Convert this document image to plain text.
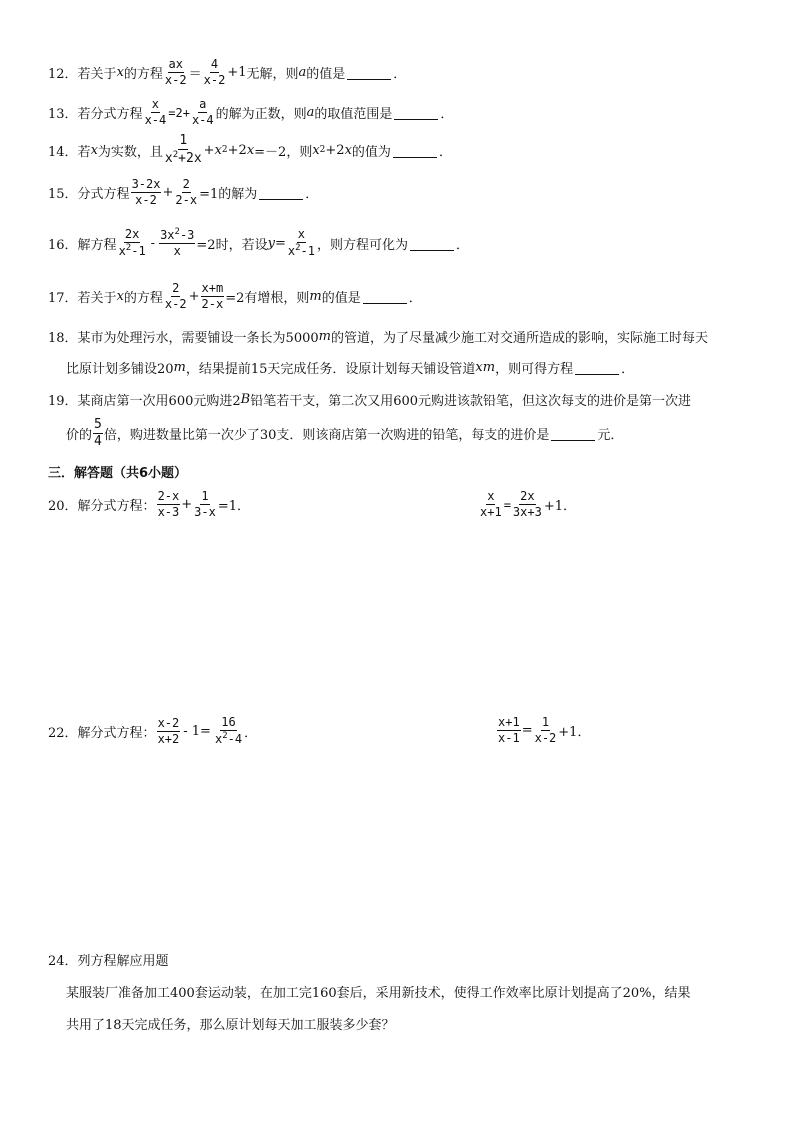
12． 若关于 x 的方程 $\frac{ax}{x-2} = \frac{4}{x-2} +1$ 无解，则 a 的值是	．
13． 若分式方程 $\frac{x}{x-4} =2+ \frac{a}{x-4}$ 的解为正数，则 a 的取值范围是	．
14． 若 x 为实数，且 $\frac{1}{x^2+2x} + x$ 2 +2 x =－2，则 x 2 +2 x 的值为	．
15． 分式方程 $\frac{3-2x}{x-2} + \frac{2}{2-x} =1$的解为	．
16． 解方程 $\frac{2x}{x^2-1} - \frac{3x^2-3}{x} =2$时，若设 $y = \frac{x}{x^2-1}$ ，则方程可化为	．
17． 若关于 x 的方程 $\frac{2}{x-2} + \frac{x+m}{2-x} =2$有增根，则 m 的值是	．
18． 某市为处理污水，需要铺设一条长为5000 m 的管道，为了尽量减少施工对交通所造成的影响，实际施工时每天
比原计划多铺设20 m ，结果提前15天完成任务．设原计划每天铺设管道 xm ，则可得方程	．
19． 某商店第一次用600元购进2 B 铅笔若干支，第二次又用600元购进该款铅笔，但这次每支的进价是第一次进
价的 $\frac{5}{4}$ 倍，购进数量比第一次少了30支．则该商店第一次购进的铅笔，每支的进价是	元．
三．解答题（共6小题）
20． 解分式方程： $\frac{2-x}{x-3} + \frac{1}{3-x} =1$．	$\frac{x}{x+1} = \frac{2x}{3x+3} +1$．
22． 解分式方程： $\frac{x-2}{x+2} - 1= \frac{16}{x^2-4}$ ．	$\frac{x+1}{x-1} = \frac{1}{x-2} +1$．
24． 列方程解应用题
某服装厂准备加工400套运动装，在加工完160套后，采用新技术，使得工作效率比原计划提高了20%，结果
共用了18天完成任务，那么原计划每天加工服装多少套？
